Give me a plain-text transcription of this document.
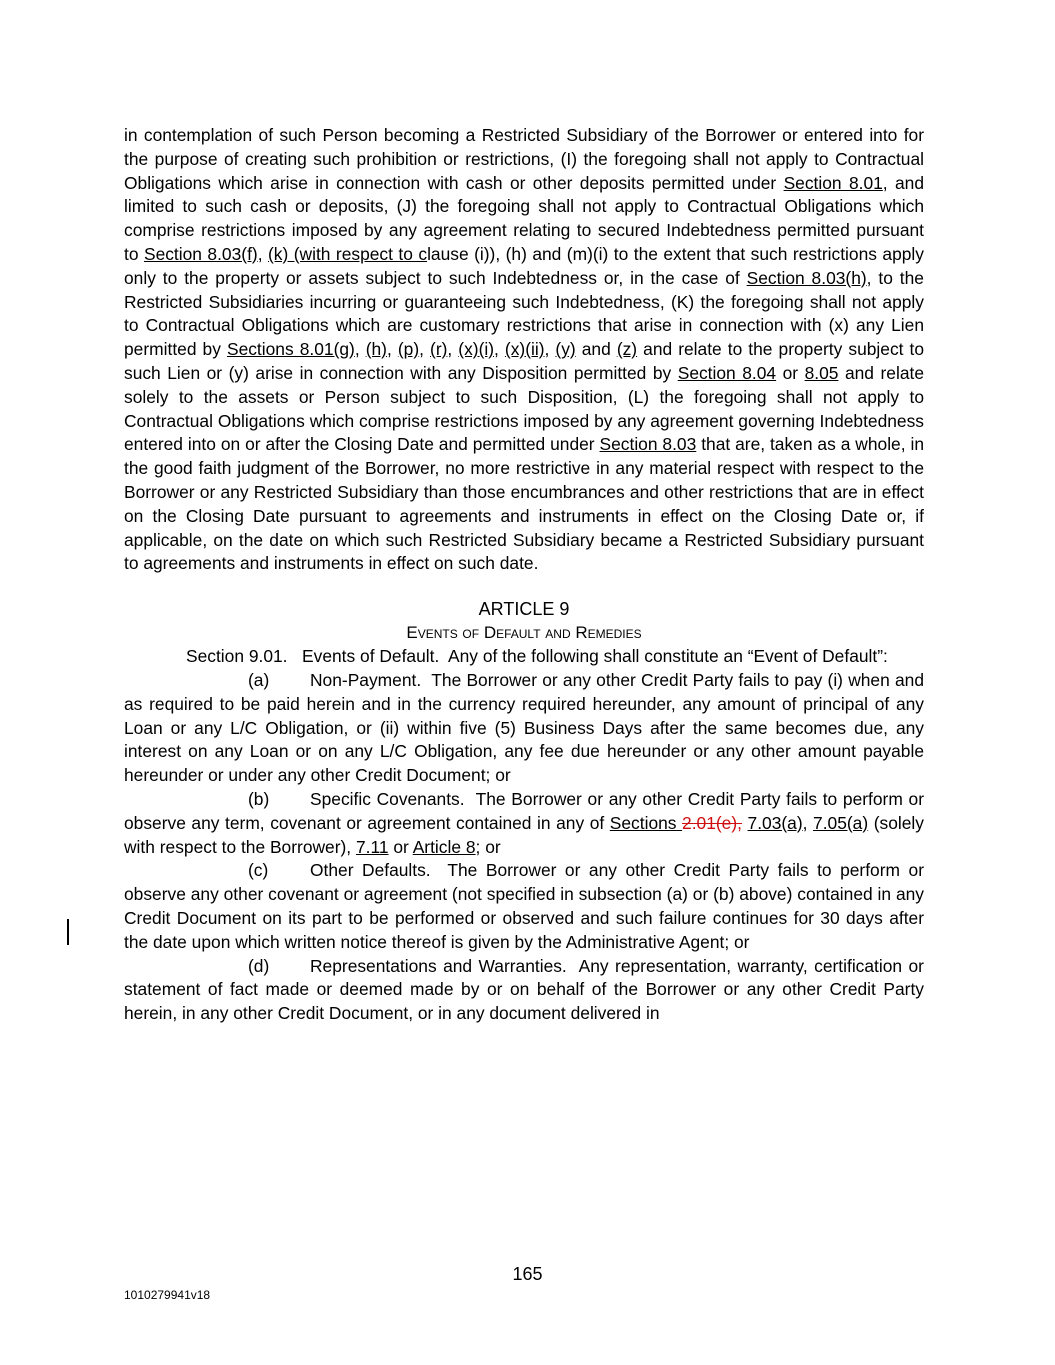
in contemplation of such Person becoming a Restricted Subsidiary of the Borrower or entered into for the purpose of creating such prohibition or restrictions, (I) the foregoing shall not apply to Contractual Obligations which arise in connection with cash or other deposits permitted under Section 8.01, and limited to such cash or deposits, (J) the foregoing shall not apply to Contractual Obligations which comprise restrictions imposed by any agreement relating to secured Indebtedness permitted pursuant to Section 8.03(f), (k) (with respect to clause (i)), (h) and (m)(i) to the extent that such restrictions apply only to the property or assets subject to such Indebtedness or, in the case of Section 8.03(h), to the Restricted Subsidiaries incurring or guaranteeing such Indebtedness, (K) the foregoing shall not apply to Contractual Obligations which are customary restrictions that arise in connection with (x) any Lien permitted by Sections 8.01(g), (h), (p), (r), (x)(i), (x)(ii), (y) and (z) and relate to the property subject to such Lien or (y) arise in connection with any Disposition permitted by Section 8.04 or 8.05 and relate solely to the assets or Person subject to such Disposition, (L) the foregoing shall not apply to Contractual Obligations which comprise restrictions imposed by any agreement governing Indebtedness entered into on or after the Closing Date and permitted under Section 8.03 that are, taken as a whole, in the good faith judgment of the Borrower, no more restrictive in any material respect with respect to the Borrower or any Restricted Subsidiary than those encumbrances and other restrictions that are in effect on the Closing Date pursuant to agreements and instruments in effect on the Closing Date or, if applicable, on the date on which such Restricted Subsidiary became a Restricted Subsidiary pursuant to agreements and instruments in effect on such date.

ARTICLE 9
Events of Default and Remedies

Section 9.01. Events of Default. Any of the following shall constitute an “Event of Default”:

(a) Non-Payment. The Borrower or any other Credit Party fails to pay (i) when and as required to be paid herein and in the currency required hereunder, any amount of principal of any Loan or any L/C Obligation, or (ii) within five (5) Business Days after the same becomes due, any interest on any Loan or on any L/C Obligation, any fee due hereunder or any other amount payable hereunder or under any other Credit Document; or

(b) Specific Covenants. The Borrower or any other Credit Party fails to perform or observe any term, covenant or agreement contained in any of Sections 2.01(e), 7.03(a), 7.05(a) (solely with respect to the Borrower), 7.11 or Article 8; or

(c) Other Defaults. The Borrower or any other Credit Party fails to perform or observe any other covenant or agreement (not specified in subsection (a) or (b) above) contained in any Credit Document on its part to be performed or observed and such failure continues for 30 days after the date upon which written notice thereof is given by the Administrative Agent; or

(d) Representations and Warranties. Any representation, warranty, certification or statement of fact made or deemed made by or on behalf of the Borrower or any other Credit Party herein, in any other Credit Document, or in any document delivered in

165
1010279941v18
